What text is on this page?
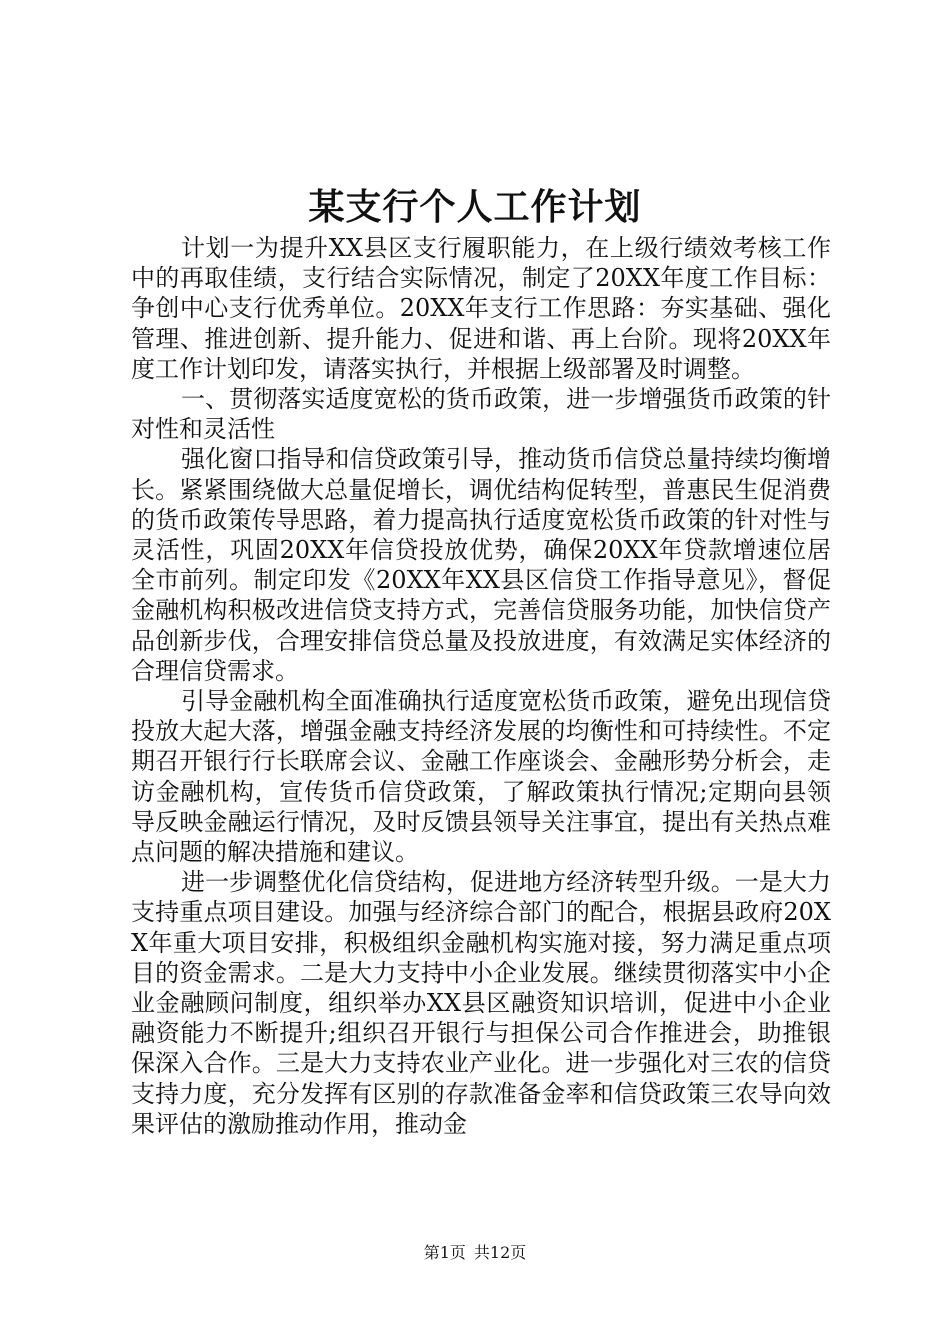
某支行个人工作计划

计划一为提升XX县区支行履职能力，在上级行绩效考核工作中的再取佳绩，支行结合实际情况，制定了20XX年度工作目标：争创中心支行优秀单位。20XX年支行工作思路：夯实基础、强化管理、推进创新、提升能力、促进和谐、再上台阶。现将20XX年度工作计划印发，请落实执行，并根据上级部署及时调整。

一、贯彻落实适度宽松的货币政策，进一步增强货币政策的针对性和灵活性

强化窗口指导和信贷政策引导，推动货币信贷总量持续均衡增长。紧紧围绕做大总量促增长，调优结构促转型，普惠民生促消费的货币政策传导思路，着力提高执行适度宽松货币政策的针对性与灵活性，巩固20XX年信贷投放优势，确保20XX年贷款增速位居全市前列。制定印发《20XX年XX县区信贷工作指导意见》，督促金融机构积极改进信贷支持方式，完善信贷服务功能，加快信贷产品创新步伐，合理安排信贷总量及投放进度，有效满足实体经济的合理信贷需求。

引导金融机构全面准确执行适度宽松货币政策，避免出现信贷投放大起大落，增强金融支持经济发展的均衡性和可持续性。不定期召开银行行长联席会议、金融工作座谈会、金融形势分析会，走访金融机构，宣传货币信贷政策，了解政策执行情况;定期向县领导反映金融运行情况，及时反馈县领导关注事宜，提出有关热点难点问题的解决措施和建议。

进一步调整优化信贷结构，促进地方经济转型升级。一是大力支持重点项目建设。加强与经济综合部门的配合，根据县政府20XX年重大项目安排，积极组织金融机构实施对接，努力满足重点项目的资金需求。二是大力支持中小企业发展。继续贯彻落实中小企业金融顾问制度，组织举办XX县区融资知识培训，促进中小企业融资能力不断提升;组织召开银行与担保公司合作推进会，助推银保深入合作。三是大力支持农业产业化。进一步强化对三农的信贷支持力度，充分发挥有区别的存款准备金率和信贷政策三农导向效果评估的激励推动作用，推动金

第1页 共12页
